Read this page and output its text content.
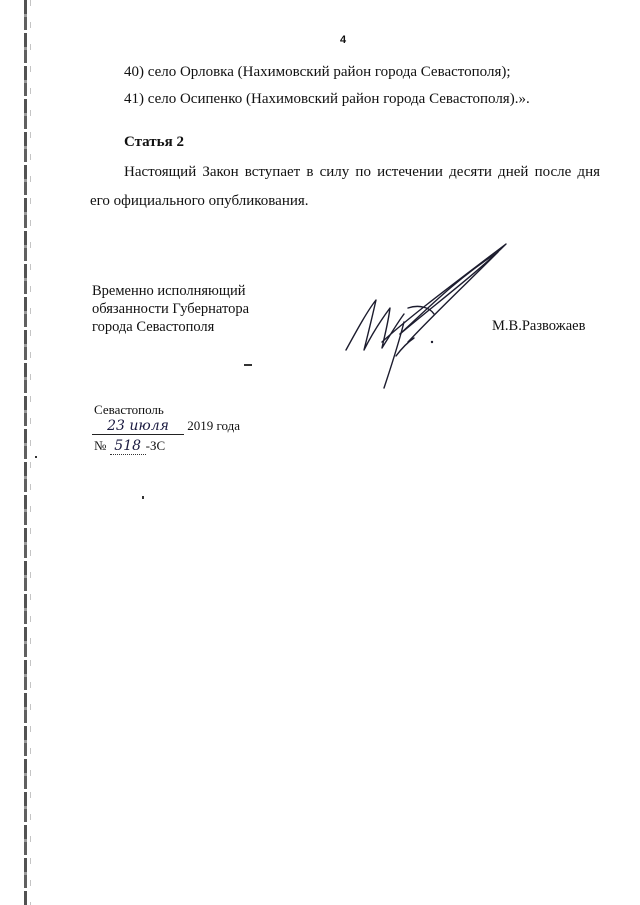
4
40) село Орловка (Нахимовский район города Севастополя);
41) село Осипенко (Нахимовский район города Севастополя).».
Статья 2
Настоящий Закон вступает в силу по истечении десяти дней после дня
его официального опубликования.
Временно исполняющий
обязанности Губернатора
города Севастополя	М.В.Развожаев
Севастополь
23 июля 2019 года
№ 518 -ЗС
